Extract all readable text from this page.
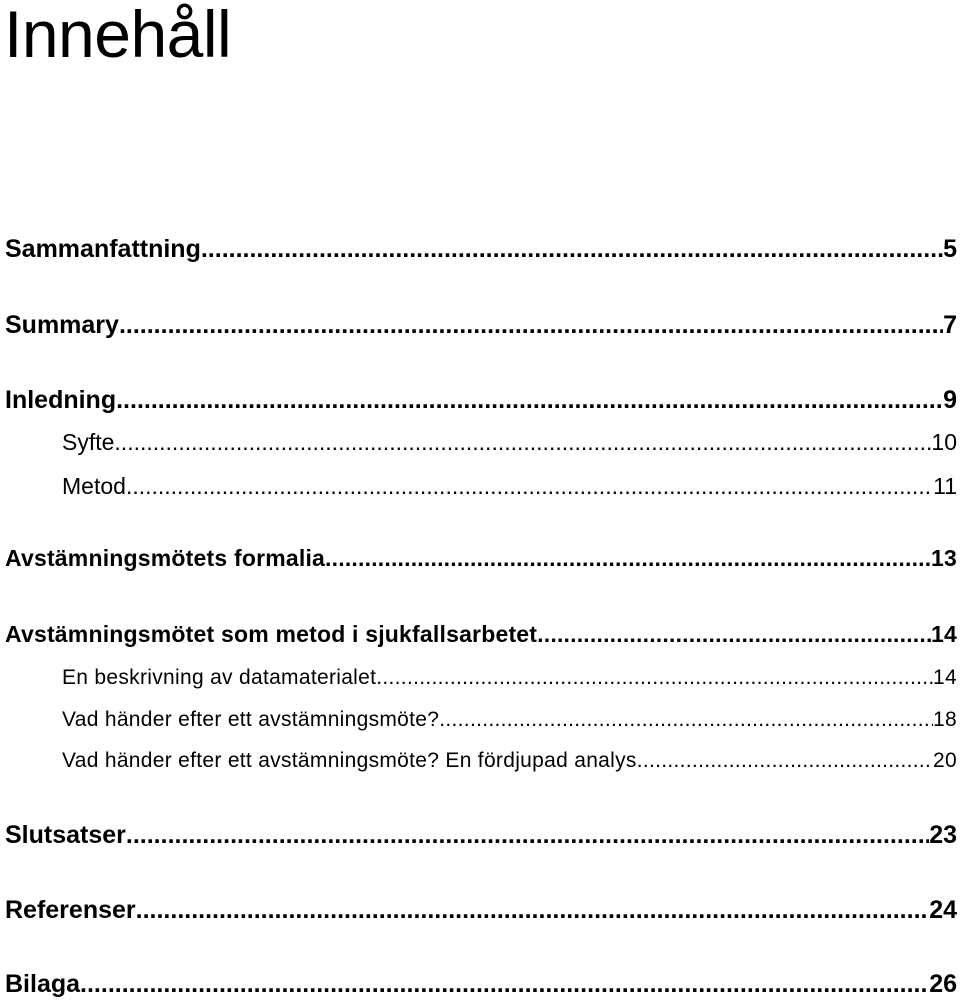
Innehåll
Sammanfattning .....	5
Summary .....	7
Inledning .....	9
Syfte .....	10
Metod .....	11
Avstämningsmötets formalia .....	13
Avstämningsmötet som metod i sjukfallsarbetet .....	14
En beskrivning av datamaterialet .....	14
Vad händer efter ett avstämningsmöte? .....	18
Vad händer efter ett avstämningsmöte? En fördjupad analys .....	20
Slutsatser .....	23
Referenser .....	24
Bilaga .....	26
